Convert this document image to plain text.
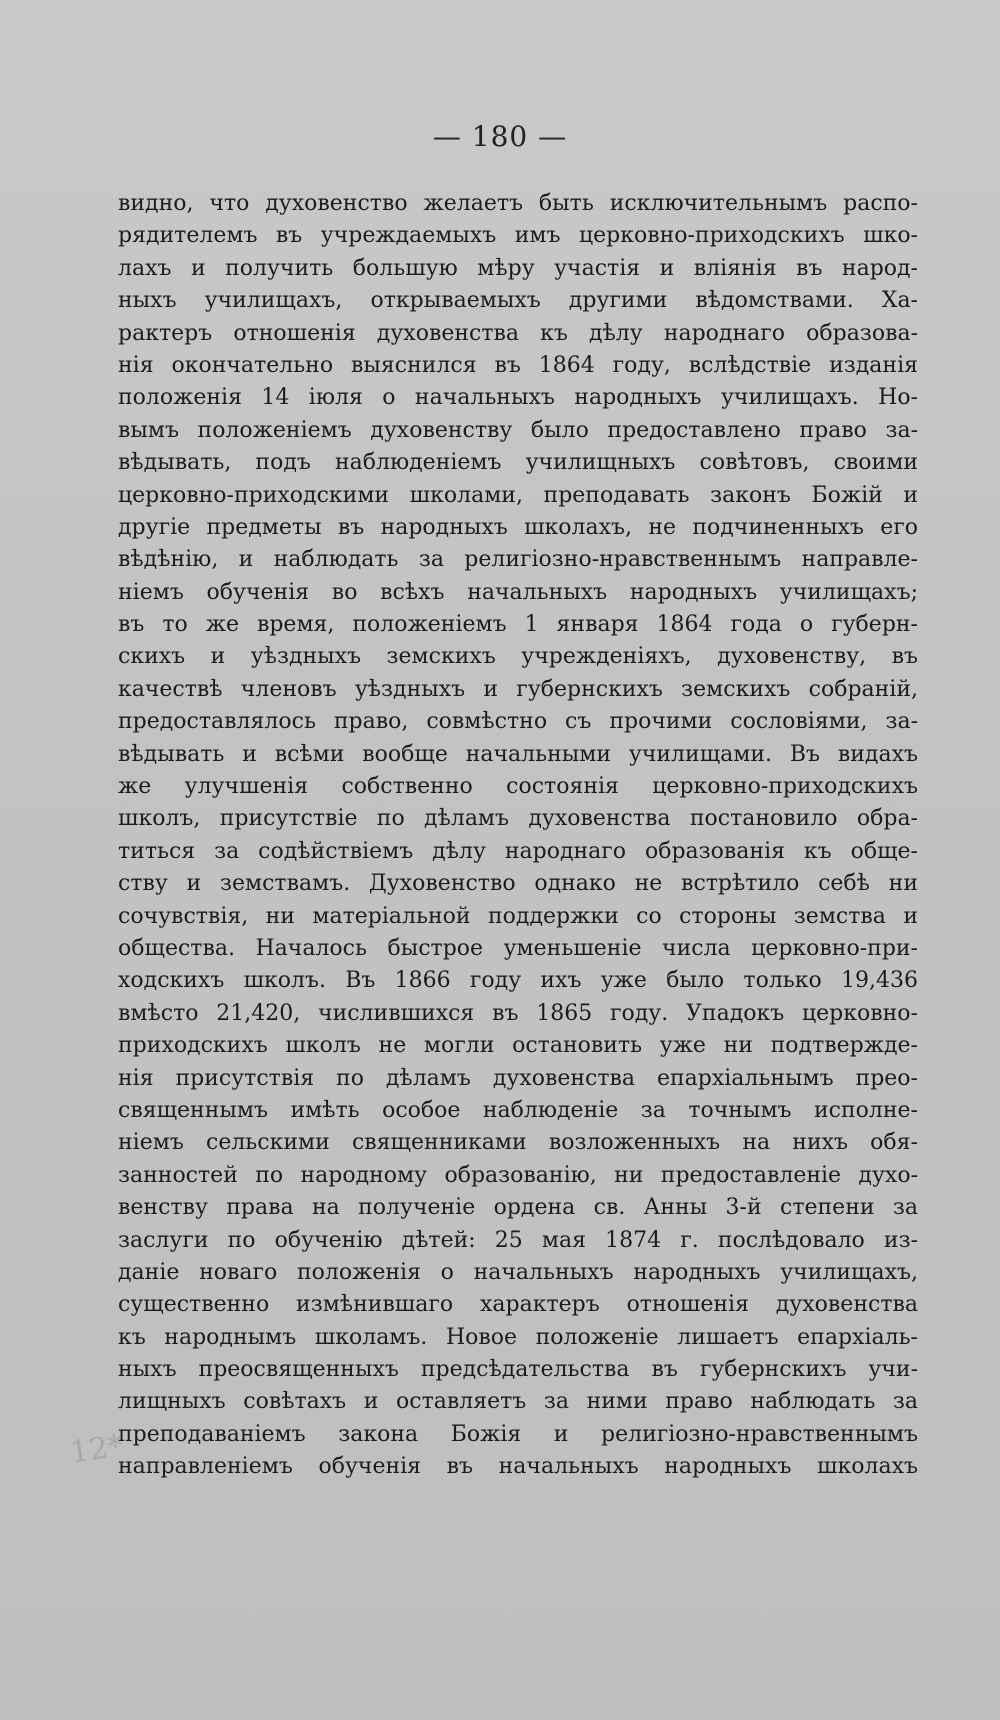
— 180 —
видно, что духовенство желаетъ быть исключительнымъ распо-
рядителемъ въ учреждаемыхъ имъ церковно-приходскихъ шко-
лахъ и получить большую мѣру участія и вліянія въ народ-
ныхъ училищахъ, открываемыхъ другими вѣдомствами. Ха-
рактеръ отношенія духовенства къ дѣлу народнаго образова-
нія окончательно выяснился въ 1864 году, вслѣдствіе изданія
положенія 14 іюля о начальныхъ народныхъ училищахъ. Но-
вымъ положеніемъ духовенству было предоставлено право за-
вѣдывать, подъ наблюденіемъ училищныхъ совѣтовъ, своими
церковно-приходскими школами, преподавать законъ Божій и
другіе предметы въ народныхъ школахъ, не подчиненныхъ его
вѣдѣнію, и наблюдать за религіозно-нравственнымъ направле-
ніемъ обученія во всѣхъ начальныхъ народныхъ училищахъ;
въ то же время, положеніемъ 1 января 1864 года о губерн-
скихъ и уѣздныхъ земскихъ учрежденіяхъ, духовенству, въ
качествѣ членовъ уѣздныхъ и губернскихъ земскихъ собраній,
предоставлялось право, совмѣстно съ прочими сословіями, за-
вѣдывать и всѣми вообще начальными училищами. Въ видахъ
же улучшенія собственно состоянія церковно-приходскихъ
школъ, присутствіе по дѣламъ духовенства постановило обра-
титься за содѣйствіемъ дѣлу народнаго образованія къ обще-
ству и земствамъ. Духовенство однако не встрѣтило себѣ ни
сочувствія, ни матеріальной поддержки со стороны земства и
общества. Началось быстрое уменьшеніе числа церковно-при-
ходскихъ школъ. Въ 1866 году ихъ уже было только 19,436
вмѣсто 21,420, числившихся въ 1865 году. Упадокъ церковно-
приходскихъ школъ не могли остановить уже ни подтвержде-
нія присутствія по дѣламъ духовенства епархіальнымъ прео-
священнымъ имѣть особое наблюденіе за точнымъ исполне-
ніемъ сельскими священниками возложенныхъ на нихъ обя-
занностей по народному образованію, ни предоставленіе духо-
венству права на полученіе ордена св. Анны 3-й степени за
заслуги по обученію дѣтей: 25 мая 1874 г. послѣдовало из-
даніе новаго положенія о начальныхъ народныхъ училищахъ,
существенно измѣнившаго характеръ отношенія духовенства
къ народнымъ школамъ. Новое положеніе лишаетъ епархіаль-
ныхъ преосвященныхъ предсѣдательства въ губернскихъ учи-
лищныхъ совѣтахъ и оставляетъ за ними право наблюдать за
преподаваніемъ закона Божія и религіозно-нравственнымъ
направленіемъ обученія въ начальныхъ народныхъ школахъ
12*
